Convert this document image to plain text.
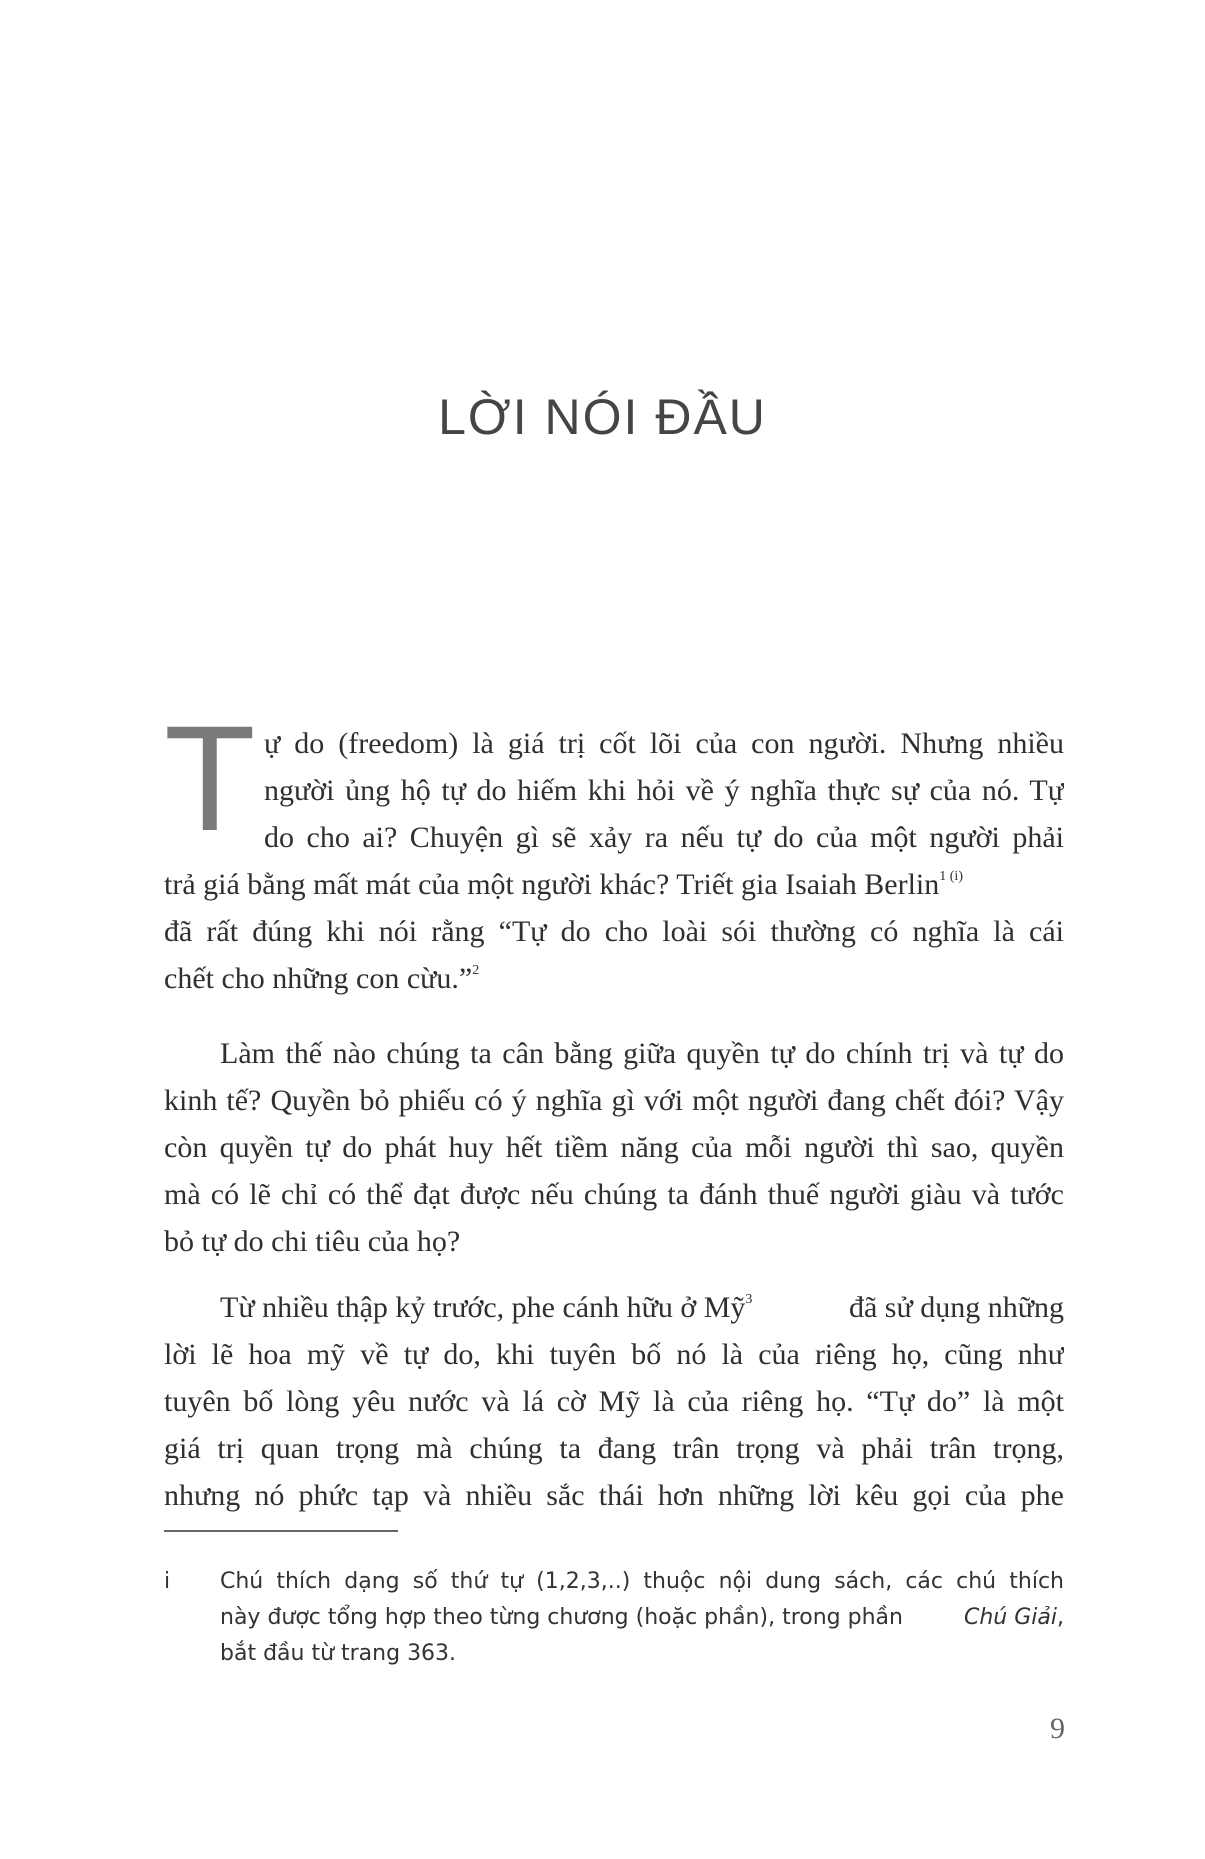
LỜI NÓI ĐẦU
T ự do (freedom) là giá trị cốt lõi của con người. Nhưng nhiều
người ủng hộ tự do hiếm khi hỏi về ý nghĩa thực sự của nó. Tự
do cho ai? Chuyện gì sẽ xảy ra nếu tự do của một người phải
trả giá bằng mất mát của một người khác? Triết gia Isaiah Berlin$^{1 (i)}$
đã rất đúng khi nói rằng “Tự do cho loài sói thường có nghĩa là cái
chết cho những con cừu.”$^2$
Làm thế nào chúng ta cân bằng giữa quyền tự do chính trị và tự do
kinh tế? Quyền bỏ phiếu có ý nghĩa gì với một người đang chết đói? Vậy
còn quyền tự do phát huy hết tiềm năng của mỗi người thì sao, quyền
mà có lẽ chỉ có thể đạt được nếu chúng ta đánh thuế người giàu và tước
bỏ tự do chi tiêu của họ?
Từ nhiều thập kỷ trước, phe cánh hữu ở Mỹ$^3$	đã sử dụng những
lời lẽ hoa mỹ về tự do, khi tuyên bố nó là của riêng họ, cũng như
tuyên bố lòng yêu nước và lá cờ Mỹ là của riêng họ. “Tự do” là một
giá trị quan trọng mà chúng ta đang trân trọng và phải trân trọng,
nhưng nó phức tạp và nhiều sắc thái hơn những lời kêu gọi của phe
i Chú thích dạng số thứ tự (1,2,3,..) thuộc nội dung sách, các chú thích
này được tổng hợp theo từng chương (hoặc phần), trong phần	Chú Giải,
bắt đầu từ trang 363.
9
